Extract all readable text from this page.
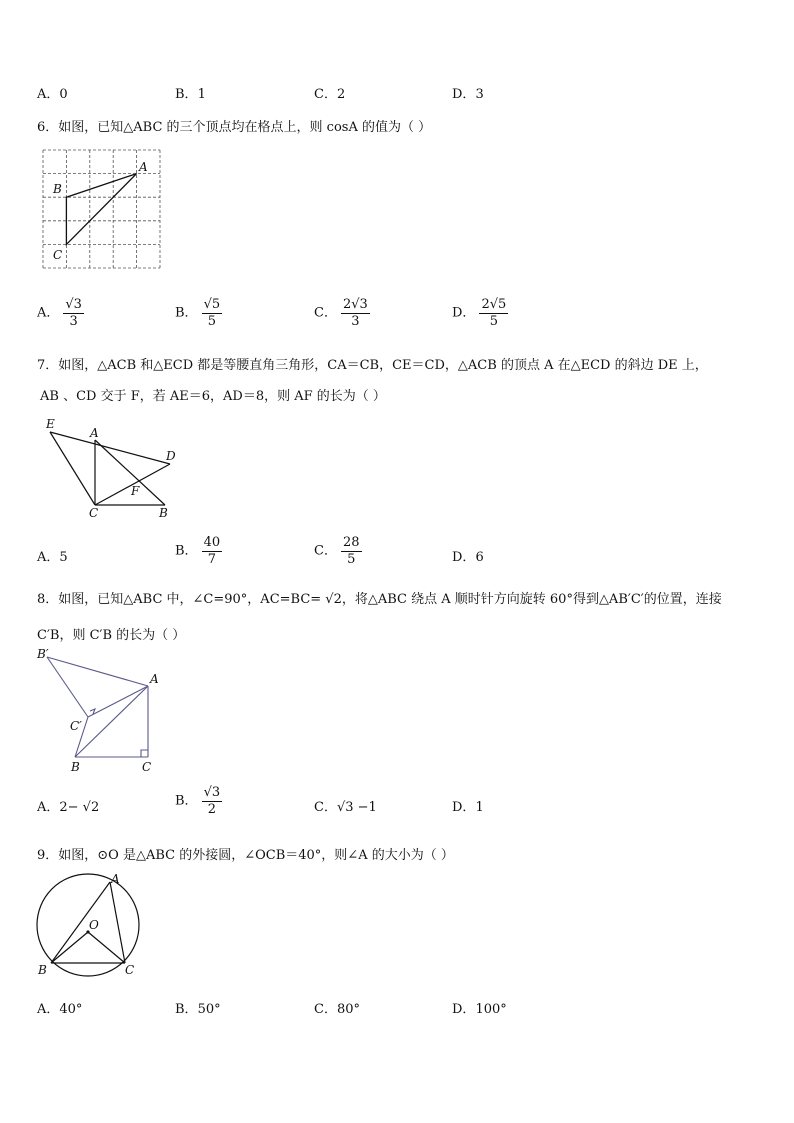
A．0	B．1	C．2	D．3
6．如图，已知△ABC 的三个顶点均在格点上，则 cosA 的值为（ ）
A
B
C
A． $\frac{√3}{3}$	B． $\frac{√5}{5}$	C． $\frac{2√3}{3}$	D． $\frac{2√5}{5}$
7．如图，△ACB 和△ECD 都是等腰直角三角形，CA＝CB，CE＝CD，△ACB 的顶点 A 在△ECD 的斜边 DE 上，
AB 、CD 交于 F，若 AE＝6，AD＝8，则 AF 的长为（ ）
E
A
D
F
C	B
A．5	B． $\frac{40}{7}$	C． $\frac{28}{5}$	D．6
8．如图，已知△ABC 中，∠C=90°，AC=BC= √2，将△ABC 绕点 A 顺时针方向旋转 60°得到△AB′C′的位置，连接
C′B，则 C′B 的长为（ ）
B′
A
C′
B	C
A．2− √2	B． $\frac{√3}{2}$	C．√3 −1	D．1
9．如图，⊙O 是△ABC 的外接圆，∠OCB＝40°，则∠A 的大小为（ ）
A
O
B	C
A．40°	B．50°	C．80°	D．100°
